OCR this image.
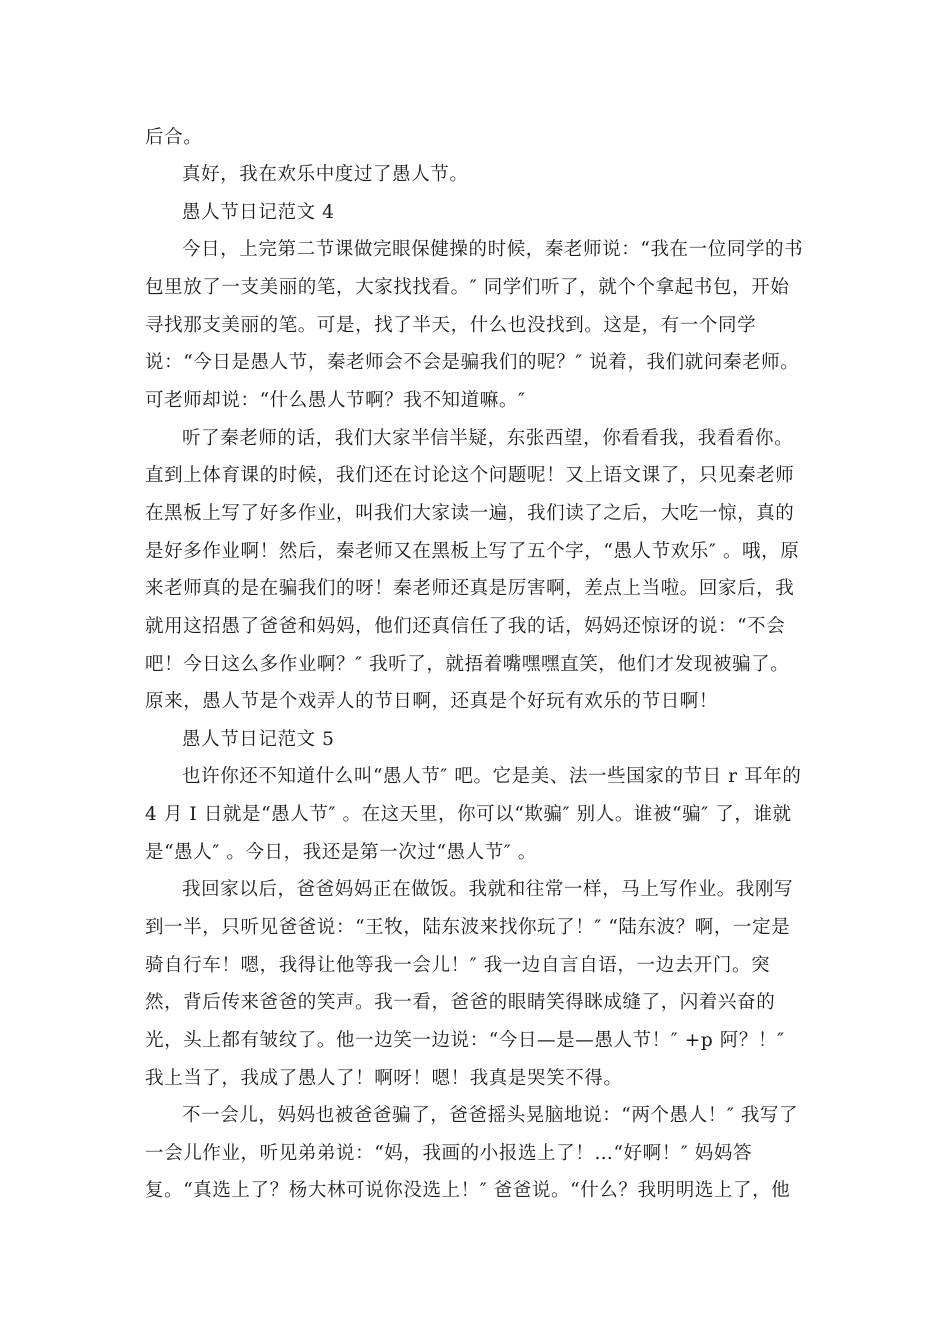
后合。
真好，我在欢乐中度过了愚人节。
愚人节日记范文 4
今日，上完第二节课做完眼保健操的时候，秦老师说：“我在一位同学的书
包里放了一支美丽的笔，大家找找看。″ 同学们听了，就个个拿起书包，开始
寻找那支美丽的笔。可是，找了半天，什么也没找到。这是，有一个同学
说：“今日是愚人节，秦老师会不会是骗我们的呢？″ 说着，我们就问秦老师。
可老师却说：“什么愚人节啊？我不知道嘛。″
听了秦老师的话，我们大家半信半疑，东张西望，你看看我，我看看你。
直到上体育课的时候，我们还在讨论这个问题呢！又上语文课了，只见秦老师
在黑板上写了好多作业，叫我们大家读一遍，我们读了之后，大吃一惊，真的
是好多作业啊！然后，秦老师又在黑板上写了五个字，“愚人节欢乐″ 。哦，原
来老师真的是在骗我们的呀！秦老师还真是厉害啊，差点上当啦。回家后，我
就用这招愚了爸爸和妈妈，他们还真信任了我的话，妈妈还惊讶的说：“不会
吧！今日这么多作业啊？″ 我听了，就捂着嘴嘿嘿直笑，他们才发现被骗了。
原来，愚人节是个戏弄人的节日啊，还真是个好玩有欢乐的节日啊！
愚人节日记范文 5
也许你还不知道什么叫“愚人节″ 吧。它是美、法一些国家的节日 r 耳年的
4 月 I 日就是“愚人节″ 。在这天里，你可以“欺骗″ 别人。谁被“骗″ 了，谁就
是“愚人″ 。今日，我还是第一次过“愚人节″ 。
我回家以后，爸爸妈妈正在做饭。我就和往常一样，马上写作业。我刚写
到一半，只听见爸爸说：“王牧，陆东波来找你玩了！″ “陆东波？啊，一定是
骑自行车！嗯，我得让他等我一会儿！″ 我一边自言自语，一边去开门。突
然，背后传来爸爸的笑声。我一看，爸爸的眼睛笑得眯成缝了，闪着兴奋的
光，头上都有皱纹了。他一边笑一边说：“今日—是—愚人节！″ +p 阿？！″
我上当了，我成了愚人了！啊呀！嗯！我真是哭笑不得。
不一会儿，妈妈也被爸爸骗了，爸爸摇头晃脑地说：“两个愚人！″ 我写了
一会儿作业，听见弟弟说：“妈，我画的小报选上了！…“好啊！″ 妈妈答
复。“真选上了？杨大林可说你没选上！″ 爸爸说。“什么？我明明选上了，他
